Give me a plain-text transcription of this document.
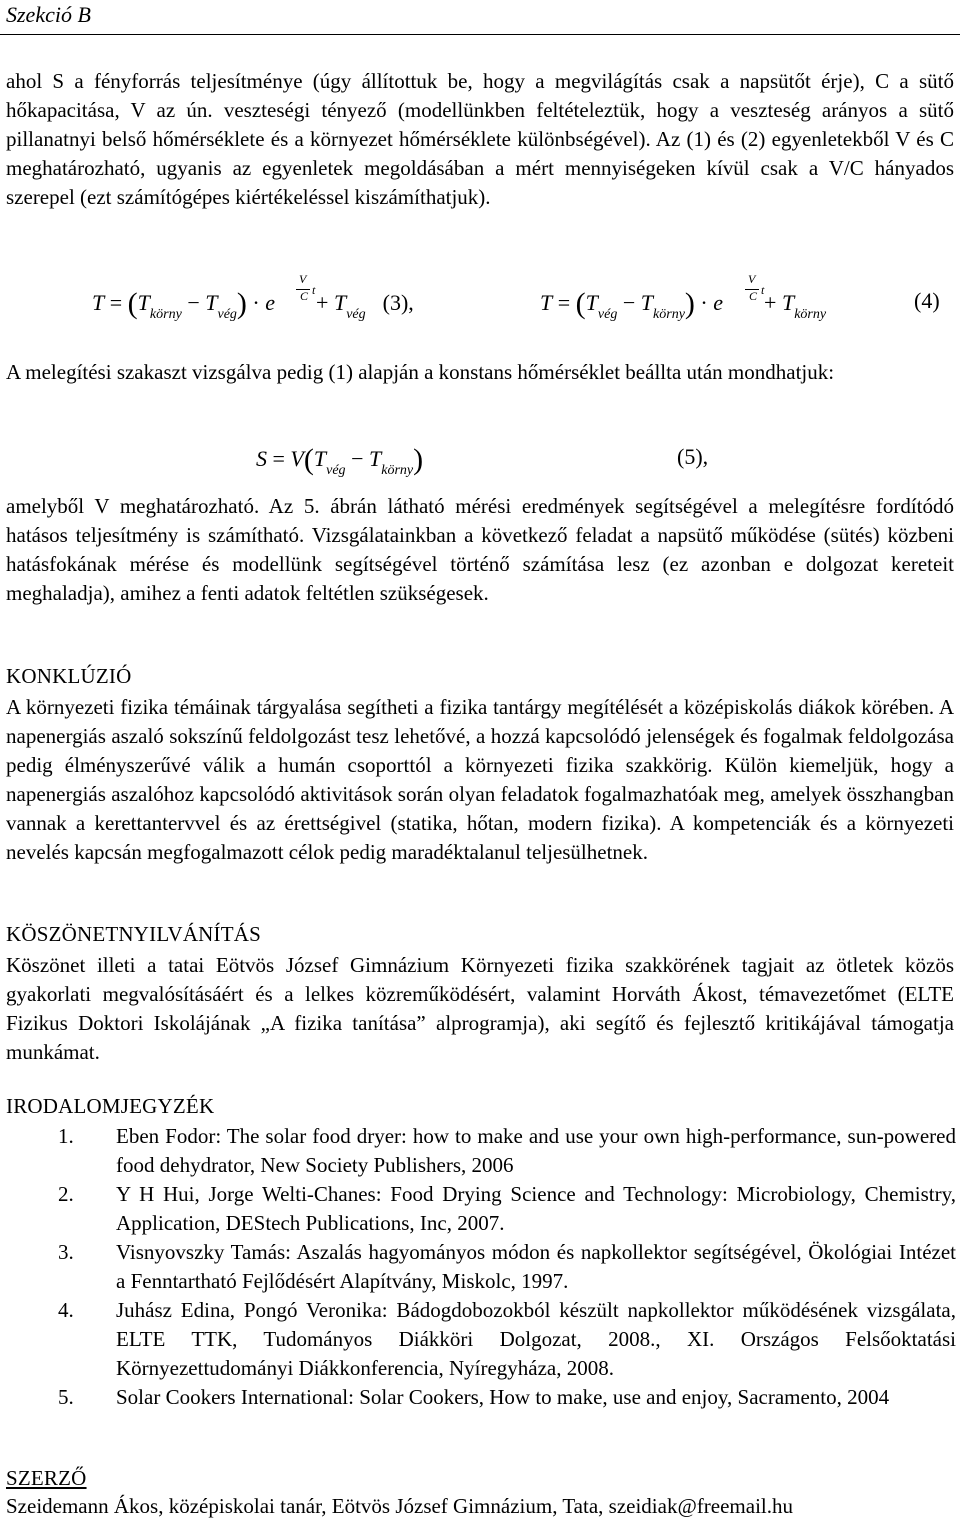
Szekció B

ahol S a fényforrás teljesítménye (úgy állítottuk be, hogy a megvilágítás csak a napsütőt érje), C a sütő hőkapacitása, V az ún. veszteségi tényező (modellünkben feltételeztük, hogy a veszteség arányos a sütő pillanatnyi belső hőmérséklete és a környezet hőmérséklete különbségével). Az (1) és (2) egyenletekből V és C meghatározható, ugyanis az egyenletek megoldásában a mért mennyiségeken kívül csak a V/C hányados szerepel (ezt számítógépes kiértékeléssel kiszámíthatjuk).

$T = (T_{körny} - T_{vég}) \cdot e + T_{vég}$ (3),
V
C t	$T = (T_{vég} - T_{körny}) \cdot e + T_{körny}$
(4)
V
C t

A melegítési szakaszt vizsgálva pedig (1) alapján a konstans hőmérséklet beállta után mondhatjuk:

$S = V(T_{vég} - T_{körny})$	(5),

amelyből V meghatározható. Az 5. ábrán látható mérési eredmények segítségével a melegítésre fordítódó hatásos teljesítmény is számítható. Vizsgálatainkban a következő feladat a napsütő működése (sütés) közbeni hatásfokának mérése és modellünk segítségével történő számítása lesz (ez azonban e dolgozat kereteit meghaladja), amihez a fenti adatok feltétlen szükségesek.

KONKLÚZIÓ

A környezeti fizika témáinak tárgyalása segítheti a fizika tantárgy megítélését a középiskolás diákok körében. A napenergiás aszaló sokszínű feldolgozást tesz lehetővé, a hozzá kapcsolódó jelenségek és fogalmak feldolgozása pedig élményszerűvé válik a humán csoporttól a környezeti fizika szakkörig. Külön kiemeljük, hogy a napenergiás aszalóhoz kapcsolódó aktivitások során olyan feladatok fogalmazhatóak meg, amelyek összhangban vannak a kerettantervvel és az érettségivel (statika, hőtan, modern fizika). A kompetenciák és a környezeti nevelés kapcsán megfogalmazott célok pedig maradéktalanul teljesülhetnek.

KÖSZÖNETNYILVÁNÍTÁS

Köszönet illeti a tatai Eötvös József Gimnázium Környezeti fizika szakkörének tagjait az ötletek közös gyakorlati megvalósításáért és a lelkes közreműködésért, valamint Horváth Ákost, témavezetőmet (ELTE Fizikus Doktori Iskolájának „A fizika tanítása” alprogramja), aki segítő és fejlesztő kritikájával támogatja munkámat.

IRODALOMJEGYZÉK
1. Eben Fodor: The solar food dryer: how to make and use your own high-performance, sun-powered food dehydrator, New Society Publishers, 2006
2. Y H Hui, Jorge Welti-Chanes: Food Drying Science and Technology: Microbiology, Chemistry, Application, DEStech Publications, Inc, 2007.
3. Visnyovszky Tamás: Aszalás hagyományos módon és napkollektor segítségével, Ökológiai Intézet a Fenntartható Fejlődésért Alapítvány, Miskolc, 1997.
4. Juhász Edina, Pongó Veronika: Bádogdobozokból készült napkollektor működésének vizsgálata, ELTE TTK, Tudományos Diákköri Dolgozat, 2008., XI. Országos Felsőoktatási Környezettudományi Diákkonferencia, Nyíregyháza, 2008.
5. Solar Cookers International: Solar Cookers, How to make, use and enjoy, Sacramento, 2004
SZERZŐ
Szeidemann Ákos, középiskolai tanár, Eötvös József Gimnázium, Tata, szeidiak@freemail.hu
